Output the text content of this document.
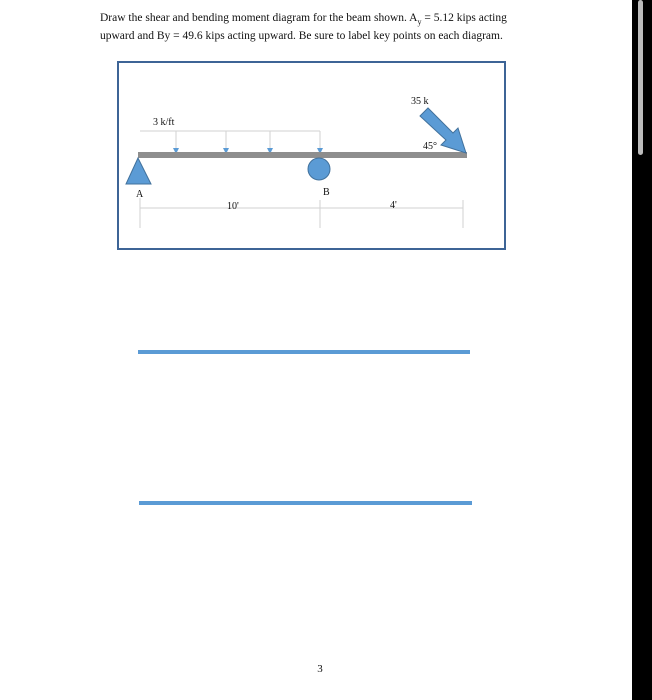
Draw the shear and bending moment diagram for the beam shown. $A_y = 5.12$ kips acting

upward and By = 49.6 kips acting upward. Be sure to label key points on each diagram.

35 k
45°
3 k/ft
A	B
10'	4'
3
